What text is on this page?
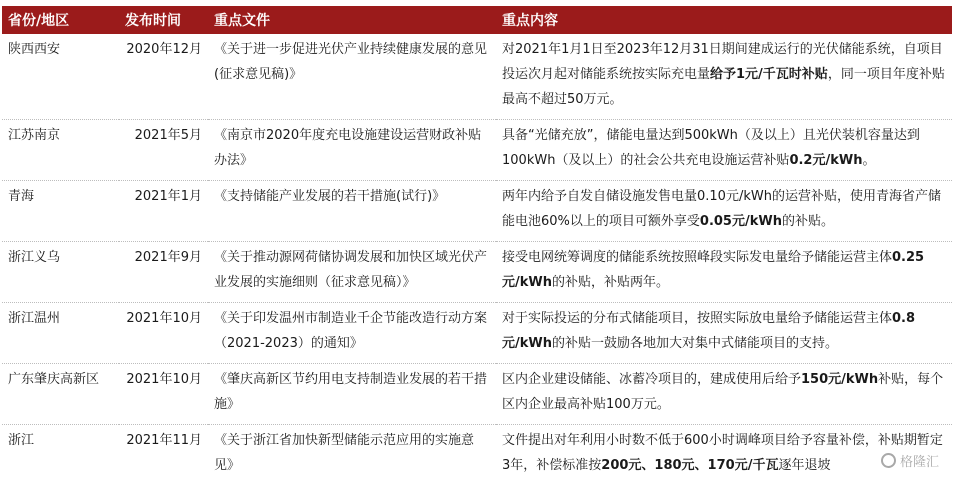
省份/地区	发布时间	重点文件	重点内容
陕西西安	2020年12月	《关于进一步促进光伏产业持续健康发展的意见(征求意见稿)》	对2021年1月1日至2023年12月31日期间建成运行的光伏储能系统，自项目投运次月起对储能系统按实际充电量给予1元/千瓦时补贴，同一项目年度补贴最高不超过50万元。
江苏南京	2021年5月	《南京市2020年度充电设施建设运营财政补贴办法》	具备“光储充放”，储能电量达到500kWh（及以上）且光伏装机容量达到100kWh（及以上）的社会公共充电设施运营补贴0.2元/kWh。
青海	2021年1月	《支持储能产业发展的若干措施(试行)》	两年内给予自发自储设施发售电量0.10元/kWh的运营补贴，使用青海省产储能电池60%以上的项目可额外享受0.05元/kWh的补贴。
浙江义乌	2021年9月	《关于推动源网荷储协调发展和加快区域光伏产业发展的实施细则（征求意见稿）》	接受电网统筹调度的储能系统按照峰段实际发电量给予储能运营主体0.25元/kWh的补贴，补贴两年。
浙江温州	2021年10月	《关于印发温州市制造业千企节能改造行动方案（2021-2023）的通知》	对于实际投运的分布式储能项目，按照实际放电量给予储能运营主体0.8元/kWh的补贴一鼓励各地加大对集中式储能项目的支持。
广东肇庆高新区	2021年10月	《肇庆高新区节约用电支持制造业发展的若干措施》	区内企业建设储能、冰蓄冷项目的，建成使用后给予150元/kWh补贴，每个区内企业最高补贴100万元。
浙江	2021年11月	《关于浙江省加快新型储能示范应用的实施意见》	文件提出对年利用小时数不低于600小时调峰项目给予容量补偿，补贴期暂定3年，补偿标准按200元、180元、170元/千瓦逐年退坡	格隆汇
